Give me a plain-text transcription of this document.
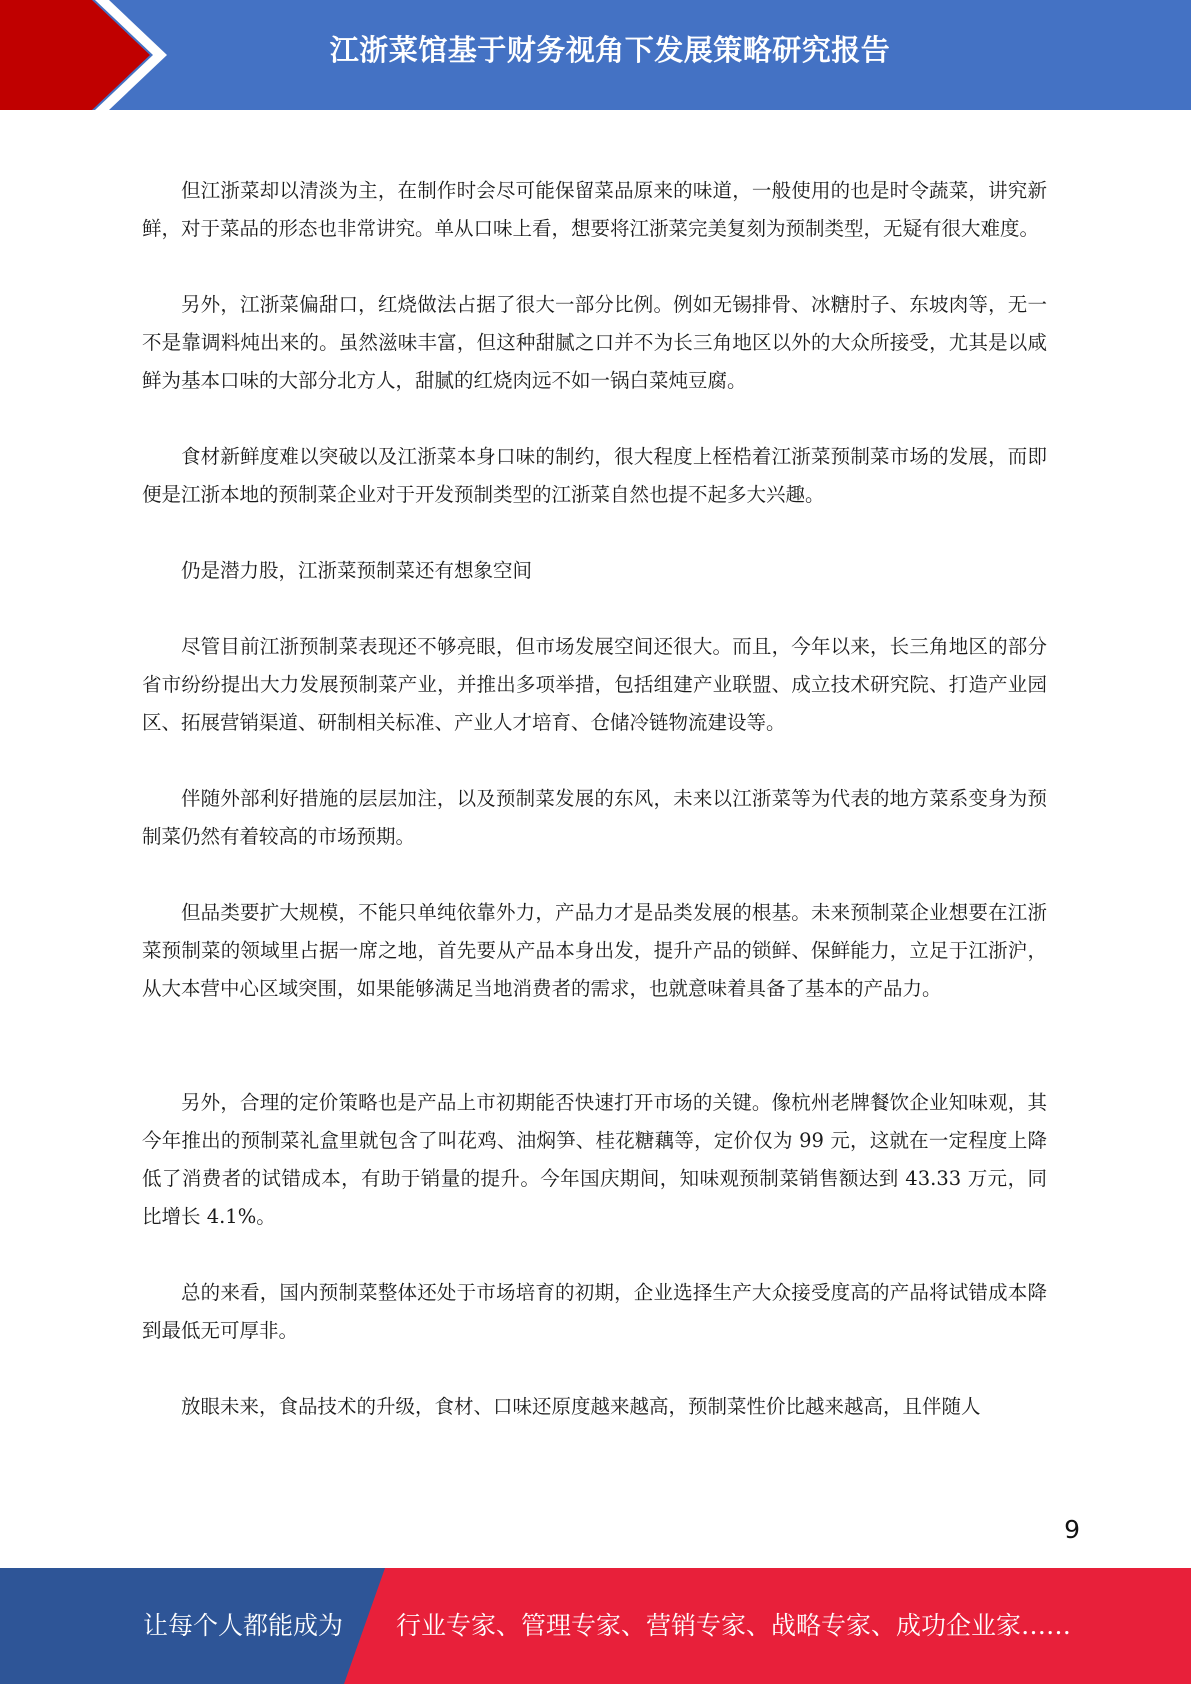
江浙菜馆基于财务视角下发展策略研究报告

但江浙菜却以清淡为主，在制作时会尽可能保留菜品原来的味道，一般使用的也是时令蔬菜，讲究新鲜，对于菜品的形态也非常讲究。单从口味上看，想要将江浙菜完美复刻为预制类型，无疑有很大难度。

另外，江浙菜偏甜口，红烧做法占据了很大一部分比例。例如无锡排骨、冰糖肘子、东坡肉等，无一不是靠调料炖出来的。虽然滋味丰富，但这种甜腻之口并不为长三角地区以外的大众所接受，尤其是以咸鲜为基本口味的大部分北方人，甜腻的红烧肉远不如一锅白菜炖豆腐。

食材新鲜度难以突破以及江浙菜本身口味的制约，很大程度上桎梏着江浙菜预制菜市场的发展，而即便是江浙本地的预制菜企业对于开发预制类型的江浙菜自然也提不起多大兴趣。

仍是潜力股，江浙菜预制菜还有想象空间

尽管目前江浙预制菜表现还不够亮眼，但市场发展空间还很大。而且，今年以来，长三角地区的部分省市纷纷提出大力发展预制菜产业，并推出多项举措，包括组建产业联盟、成立技术研究院、打造产业园区、拓展营销渠道、研制相关标准、产业人才培育、仓储冷链物流建设等。

伴随外部利好措施的层层加注，以及预制菜发展的东风，未来以江浙菜等为代表的地方菜系变身为预制菜仍然有着较高的市场预期。

但品类要扩大规模，不能只单纯依靠外力，产品力才是品类发展的根基。未来预制菜企业想要在江浙菜预制菜的领域里占据一席之地，首先要从产品本身出发，提升产品的锁鲜、保鲜能力，立足于江浙沪，从大本营中心区域突围，如果能够满足当地消费者的需求，也就意味着具备了基本的产品力。

另外，合理的定价策略也是产品上市初期能否快速打开市场的关键。像杭州老牌餐饮企业知味观，其今年推出的预制菜礼盒里就包含了叫花鸡、油焖笋、桂花糖藕等，定价仅为 99 元，这就在一定程度上降低了消费者的试错成本，有助于销量的提升。今年国庆期间，知味观预制菜销售额达到 43.33 万元，同比增长 4.1%。

总的来看，国内预制菜整体还处于市场培育的初期，企业选择生产大众接受度高的产品将试错成本降到最低无可厚非。

放眼未来，食品技术的升级，食材、口味还原度越来越高，预制菜性价比越来越高，且伴随人

9
让每个人都能成为 行业专家、管理专家、营销专家、战略专家、成功企业家……
